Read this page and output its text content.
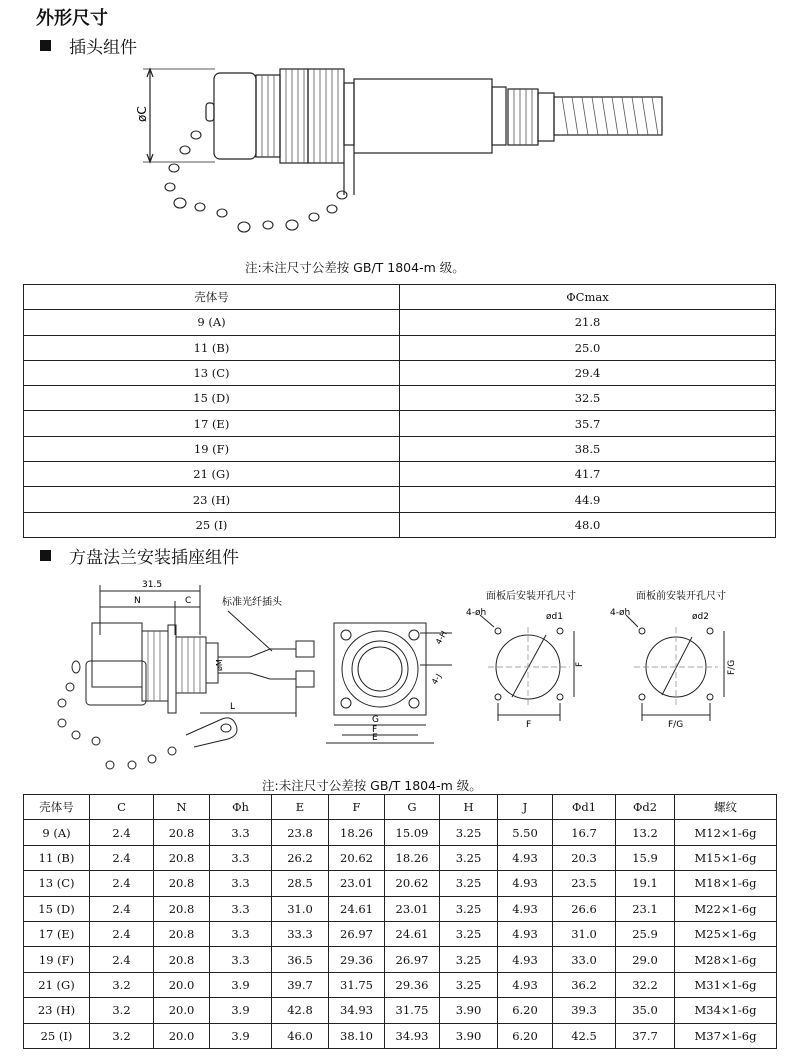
外形尺寸
插头组件
øC
注:未注尺寸公差按 GB/T 1804-m 级。
壳体号	ΦCmax
9 (A)	21.8
11 (B)	25.0
13 (C)	29.4
15 (D)	32.5
17 (E)	35.7
19 (F)	38.5
21 (G)	41.7
23 (H)	44.9
25 (I)	48.0
方盘法兰安装插座组件
31.5
N	C	标准光纤插头
L
øM
4-H
4-J
G
F
E
面板后安装开孔尺寸
4-øh	ød1
F
F
面板前安装开孔尺寸
4-øh	ød2
F/G
F/G
注:未注尺寸公差按 GB/T 1804-m 级。
壳体号	C	N	Φh	E	F	G	H	J	Φd1	Φd2	螺纹
9 (A)	2.4	20.8	3.3	23.8	18.26	15.09	3.25	5.50	16.7	13.2	M12×1-6g
11 (B)	2.4	20.8	3.3	26.2	20.62	18.26	3.25	4.93	20.3	15.9	M15×1-6g
13 (C)	2.4	20.8	3.3	28.5	23.01	20.62	3.25	4.93	23.5	19.1	M18×1-6g
15 (D)	2.4	20.8	3.3	31.0	24.61	23.01	3.25	4.93	26.6	23.1	M22×1-6g
17 (E)	2.4	20.8	3.3	33.3	26.97	24.61	3.25	4.93	31.0	25.9	M25×1-6g
19 (F)	2.4	20.8	3.3	36.5	29.36	26.97	3.25	4.93	33.0	29.0	M28×1-6g
21 (G)	3.2	20.0	3.9	39.7	31.75	29.36	3.25	4.93	36.2	32.2	M31×1-6g
23 (H)	3.2	20.0	3.9	42.8	34.93	31.75	3.90	6.20	39.3	35.0	M34×1-6g
25 (I)	3.2	20.0	3.9	46.0	38.10	34.93	3.90	6.20	42.5	37.7	M37×1-6g
